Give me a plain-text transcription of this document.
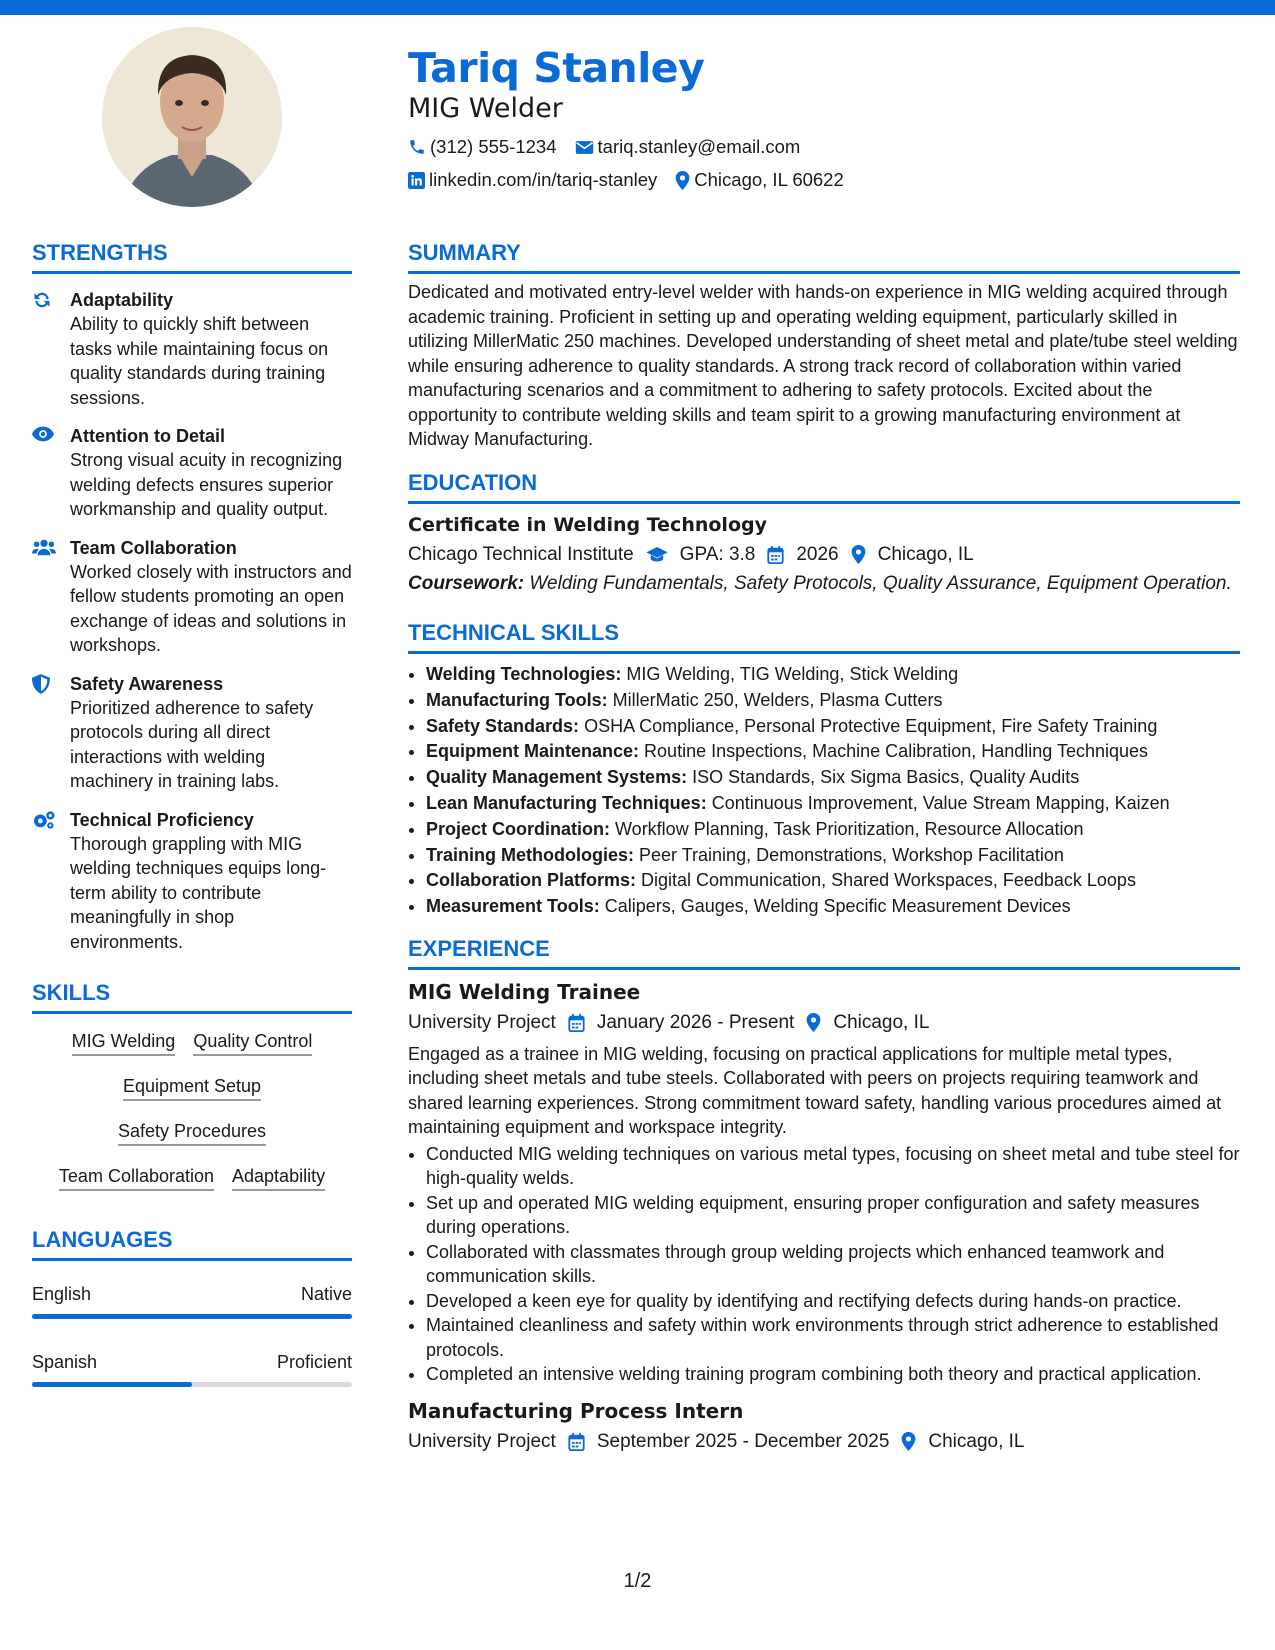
Tariq Stanley
MIG Welder
(312) 555-1234 tariq.stanley@email.com
linkedin.com/in/tariq-stanley Chicago, IL 60622
STRENGTHS
Adaptability
Ability to quickly shift between tasks while maintaining focus on quality standards during training sessions.
Attention to Detail
Strong visual acuity in recognizing welding defects ensures superior workmanship and quality output.
Team Collaboration
Worked closely with instructors and fellow students promoting an open exchange of ideas and solutions in workshops.
Safety Awareness
Prioritized adherence to safety protocols during all direct interactions with welding machinery in training labs.
Technical Proficiency
Thorough grappling with MIG welding techniques equips long-term ability to contribute meaningfully in shop environments.
SKILLS
MIG Welding Quality Control
Equipment Setup
Safety Procedures
Team Collaboration Adaptability
LANGUAGES
English	Native
Spanish	Proficient
SUMMARY
Dedicated and motivated entry-level welder with hands-on experience in MIG welding acquired through academic training. Proficient in setting up and operating welding equipment, particularly skilled in utilizing MillerMatic 250 machines. Developed understanding of sheet metal and plate/tube steel welding while ensuring adherence to quality standards. A strong track record of collaboration within varied manufacturing scenarios and a commitment to adhering to safety protocols. Excited about the opportunity to contribute welding skills and team spirit to a growing manufacturing environment at Midway Manufacturing.
EDUCATION
Certificate in Welding Technology
Chicago Technical Institute GPA: 3.8 2026 Chicago, IL
Coursework: Welding Fundamentals, Safety Protocols, Quality Assurance, Equipment Operation.
TECHNICAL SKILLS
• Welding Technologies: MIG Welding, TIG Welding, Stick Welding
• Manufacturing Tools: MillerMatic 250, Welders, Plasma Cutters
• Safety Standards: OSHA Compliance, Personal Protective Equipment, Fire Safety Training
• Equipment Maintenance: Routine Inspections, Machine Calibration, Handling Techniques
• Quality Management Systems: ISO Standards, Six Sigma Basics, Quality Audits
• Lean Manufacturing Techniques: Continuous Improvement, Value Stream Mapping, Kaizen
• Project Coordination: Workflow Planning, Task Prioritization, Resource Allocation
• Training Methodologies: Peer Training, Demonstrations, Workshop Facilitation
• Collaboration Platforms: Digital Communication, Shared Workspaces, Feedback Loops
• Measurement Tools: Calipers, Gauges, Welding Specific Measurement Devices
EXPERIENCE
MIG Welding Trainee
University Project January 2026 - Present Chicago, IL
Engaged as a trainee in MIG welding, focusing on practical applications for multiple metal types, including sheet metals and tube steels. Collaborated with peers on projects requiring teamwork and shared learning experiences. Strong commitment toward safety, handling various procedures aimed at maintaining equipment and workspace integrity.
• Conducted MIG welding techniques on various metal types, focusing on sheet metal and tube steel for high-quality welds.
• Set up and operated MIG welding equipment, ensuring proper configuration and safety measures during operations.
• Collaborated with classmates through group welding projects which enhanced teamwork and communication skills.
• Developed a keen eye for quality by identifying and rectifying defects during hands-on practice.
• Maintained cleanliness and safety within work environments through strict adherence to established protocols.
• Completed an intensive welding training program combining both theory and practical application.
Manufacturing Process Intern
University Project September 2025 - December 2025 Chicago, IL
1/2
